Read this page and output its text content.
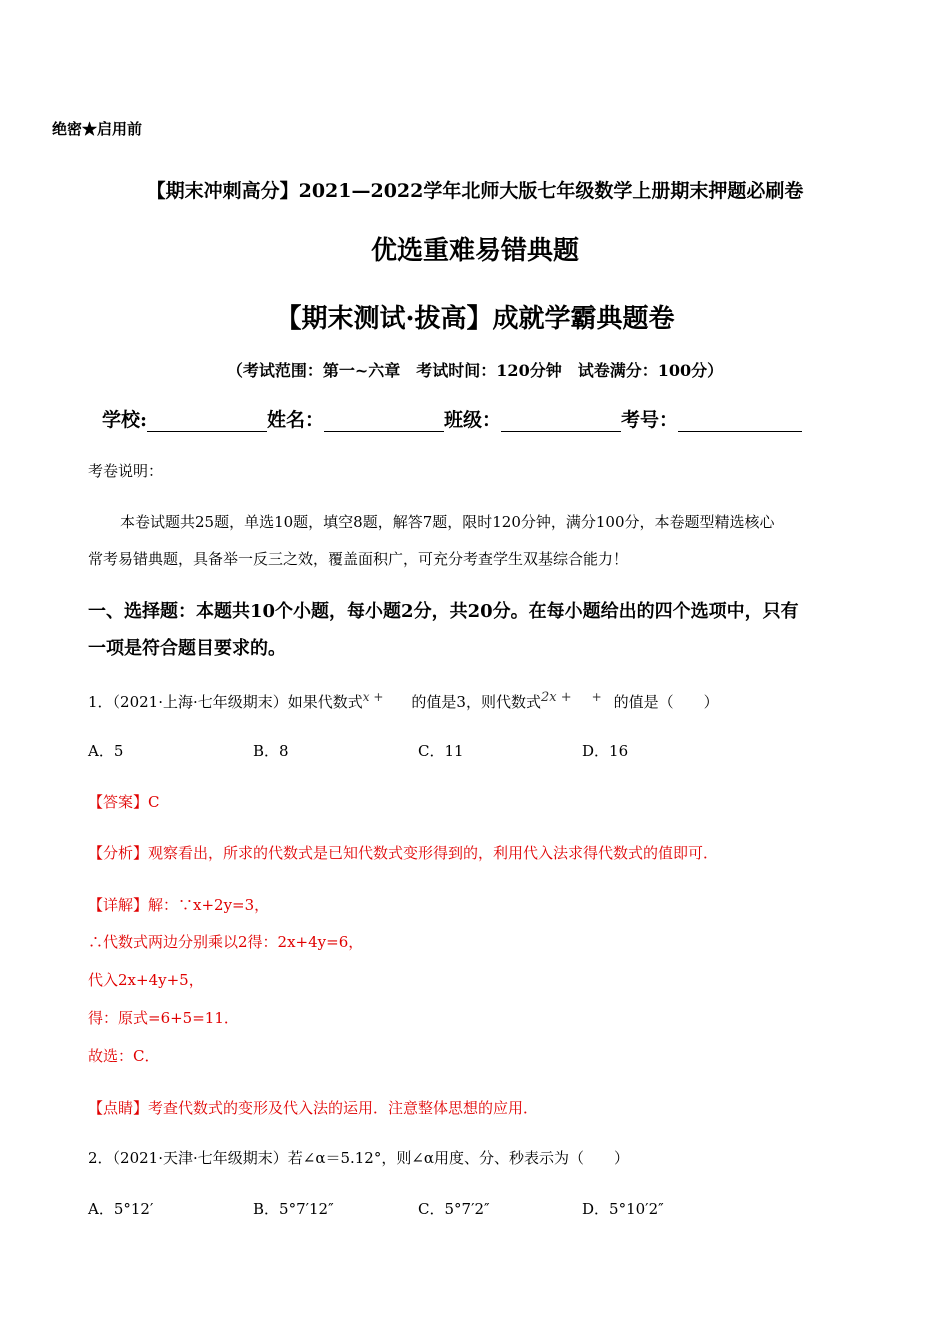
绝密★启用前
【期末冲刺高分】2021—2022学年北师大版七年级数学上册期末押题必刷卷
优选重难易错典题
【期末测试·拔高】成就学霸典题卷
（考试范围：第一~六章　考试时间：120分钟　试卷满分：100分）
学校:	姓名：	班级：	考号：
考卷说明：
本卷试题共25题，单选10题，填空8题，解答7题，限时120分钟，满分100分，本卷题型精选核心
常考易错典题，具备举一反三之效，覆盖面积广，可充分考查学生双基综合能力！
一、选择题：本题共10个小题，每小题2分，共20分。在每小题给出的四个选项中，只有
一项是符合题目要求的。
1．（2021·上海·七年级期末）如果代数式$^{x +}$ 的值是3，则代数式2x + + 的值是（　　）
A．5	B．8	C．11	D．16
【答案】C
【分析】观察看出，所求的代数式是已知代数式变形得到的，利用代入法求得代数式的值即可．
【详解】解：∵x+2y=3，
∴代数式两边分别乘以2得：2x+4y=6，
代入2x+4y+5，
得：原式=6+5=11．
故选：C．
【点睛】考查代数式的变形及代入法的运用．注意整体思想的应用．
2．（2021·天津·七年级期末）若∠α＝5.12°，则∠α用度、分、秒表示为（　　）
A．5°12′	B．5°7′12″	C．5°7′2″	D．5°10′2″
